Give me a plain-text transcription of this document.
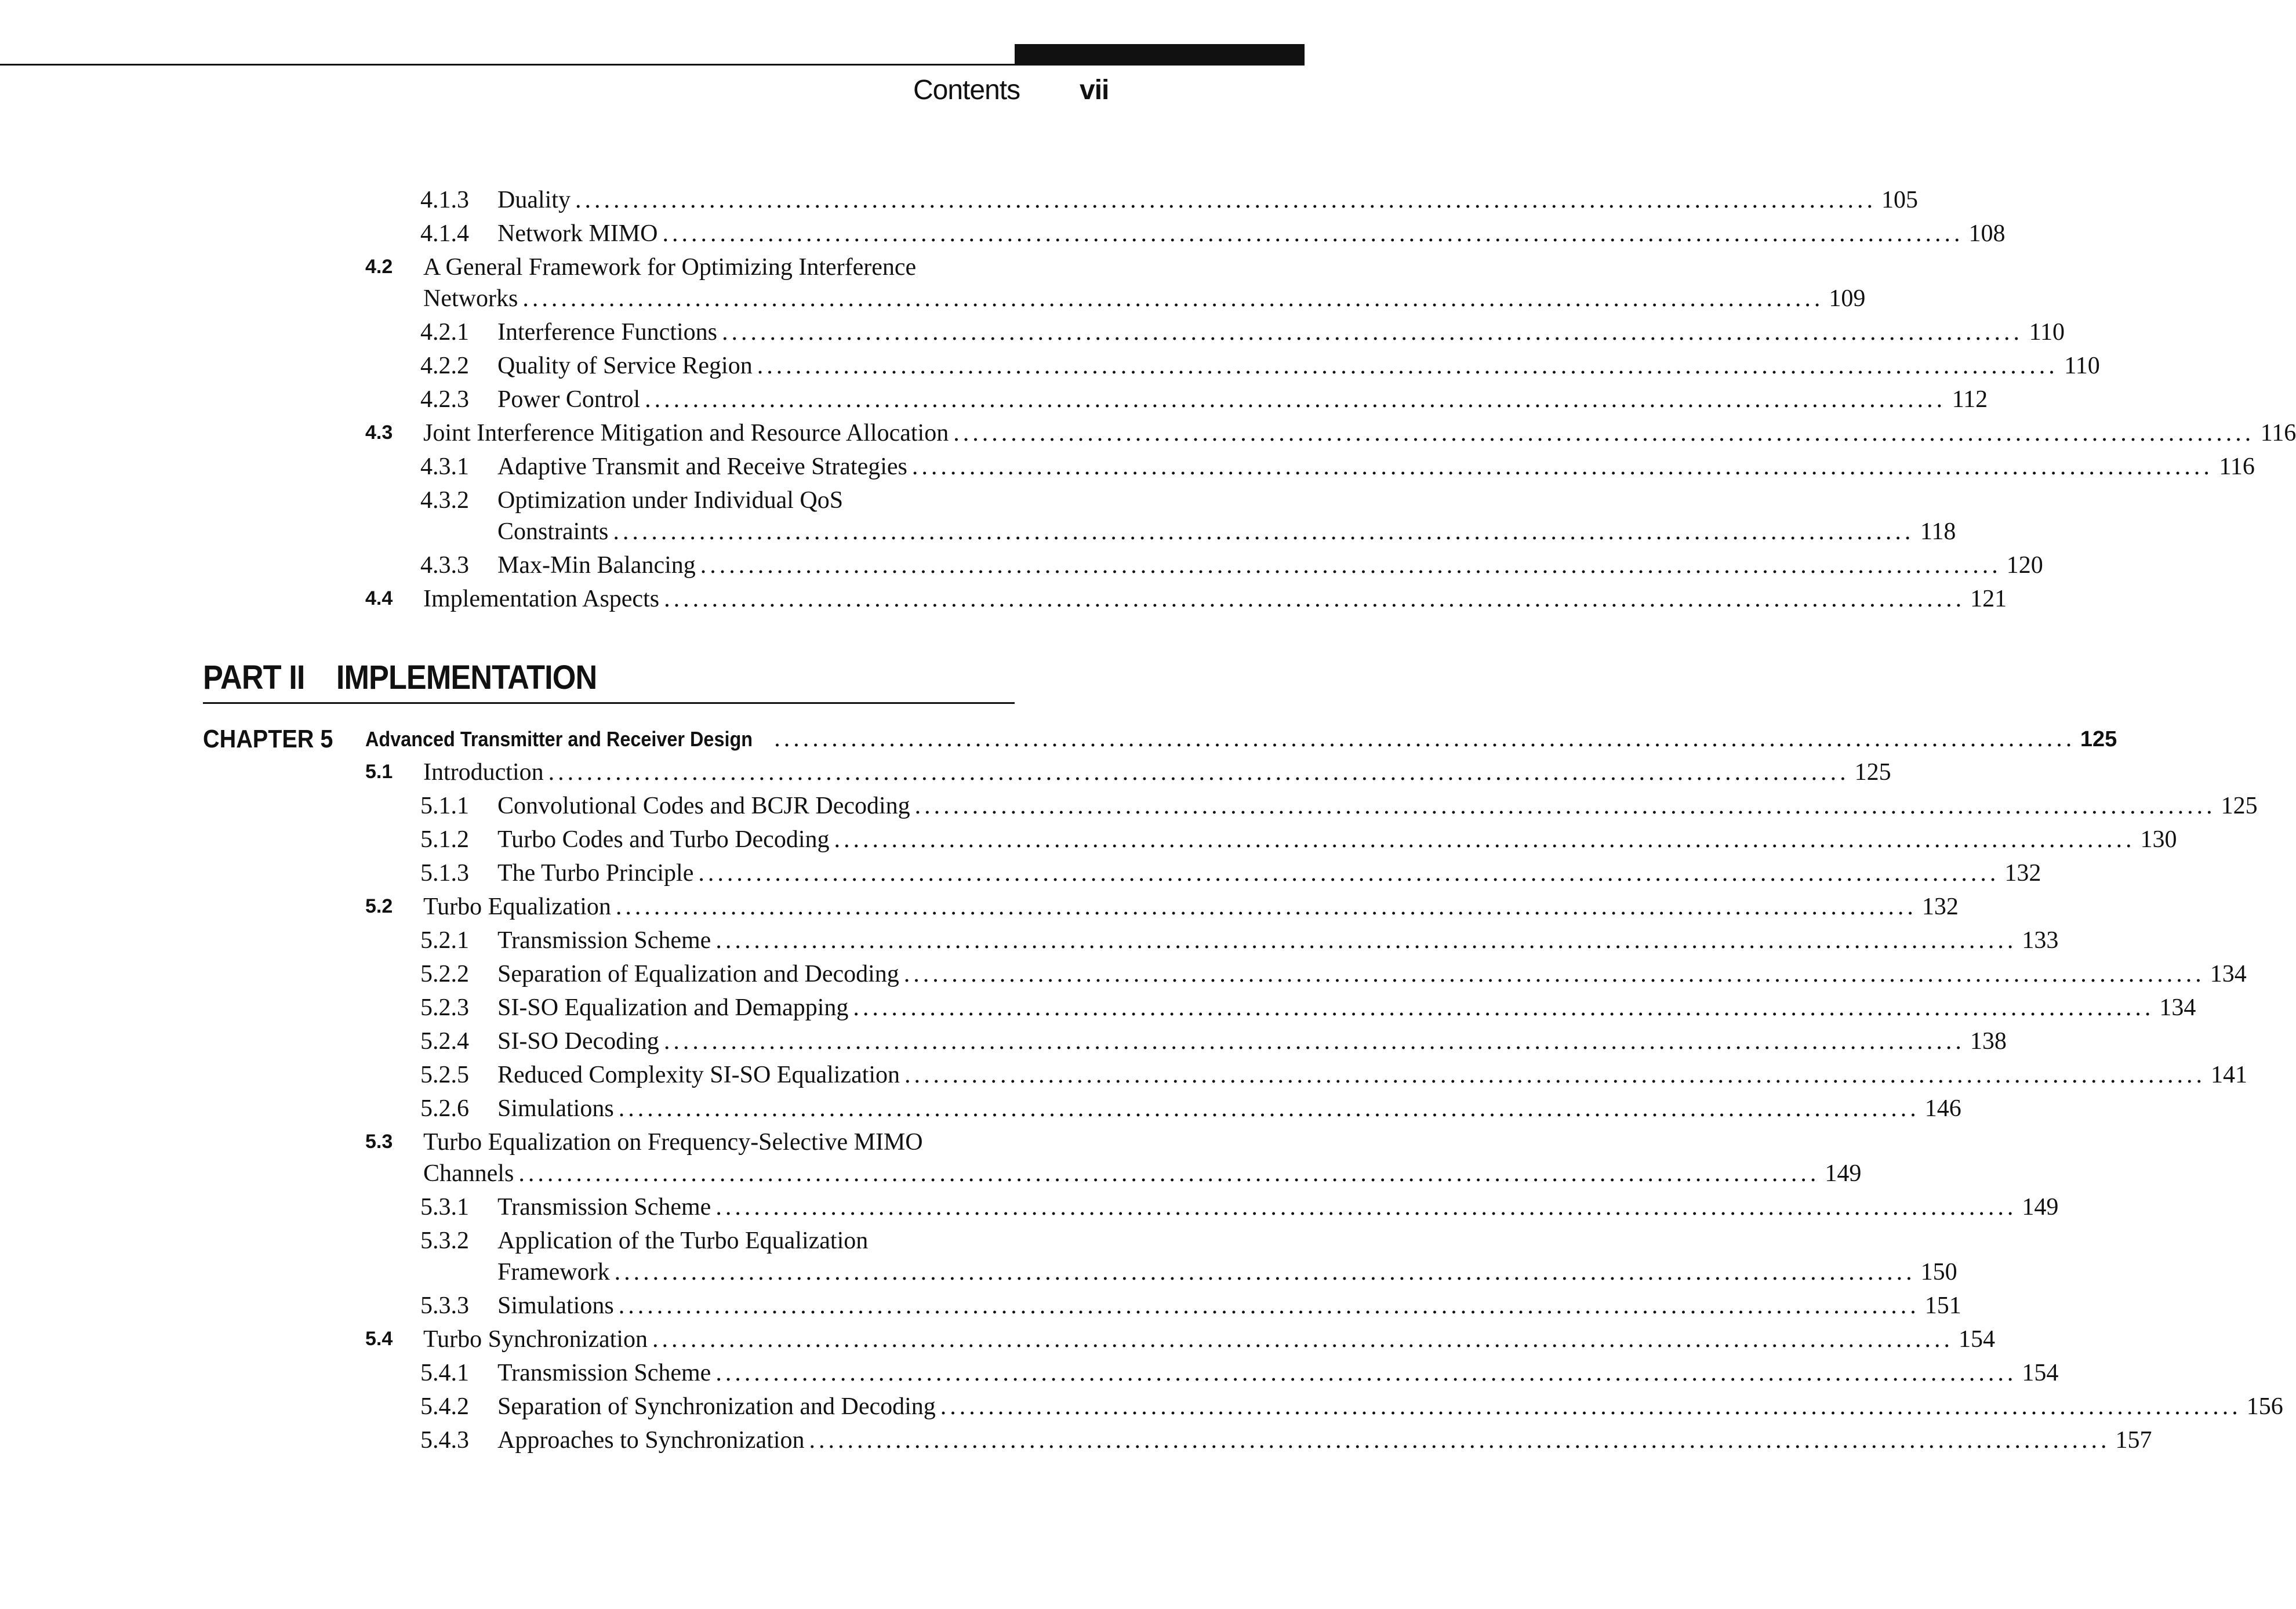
Contents vii
4.1.3 Duality ........................................................................................................................................ 105
4.1.4 Network MIMO ........................................................................................................................................ 108
4.2 A General Framework for Optimizing Interference
Networks ........................................................................................................................................ 109
4.2.1 Interference Functions ........................................................................................................................................ 110
4.2.2 Quality of Service Region ........................................................................................................................................ 110
4.2.3 Power Control ........................................................................................................................................ 112
4.3 Joint Interference Mitigation and Resource Allocation ........................................................................................................................................ 116
4.3.1 Adaptive Transmit and Receive Strategies ........................................................................................................................................ 116
4.3.2 Optimization under Individual QoS
Constraints ........................................................................................................................................ 118
4.3.3 Max-Min Balancing ........................................................................................................................................ 120
4.4 Implementation Aspects ........................................................................................................................................ 121
PART II    IMPLEMENTATION
CHAPTER 5 Advanced Transmitter and Receiver Design ........................................................................................................................................ 125
5.1 Introduction ........................................................................................................................................ 125
5.1.1 Convolutional Codes and BCJR Decoding ........................................................................................................................................ 125
5.1.2 Turbo Codes and Turbo Decoding ........................................................................................................................................ 130
5.1.3 The Turbo Principle ........................................................................................................................................ 132
5.2 Turbo Equalization ........................................................................................................................................ 132
5.2.1 Transmission Scheme ........................................................................................................................................ 133
5.2.2 Separation of Equalization and Decoding ........................................................................................................................................ 134
5.2.3 SI-SO Equalization and Demapping ........................................................................................................................................ 134
5.2.4 SI-SO Decoding ........................................................................................................................................ 138
5.2.5 Reduced Complexity SI-SO Equalization ........................................................................................................................................ 141
5.2.6 Simulations ........................................................................................................................................ 146
5.3 Turbo Equalization on Frequency-Selective MIMO
Channels ........................................................................................................................................ 149
5.3.1 Transmission Scheme ........................................................................................................................................ 149
5.3.2 Application of the Turbo Equalization
Framework ........................................................................................................................................ 150
5.3.3 Simulations ........................................................................................................................................ 151
5.4 Turbo Synchronization ........................................................................................................................................ 154
5.4.1 Transmission Scheme ........................................................................................................................................ 154
5.4.2 Separation of Synchronization and Decoding ........................................................................................................................................ 156
5.4.3 Approaches to Synchronization ........................................................................................................................................ 157
